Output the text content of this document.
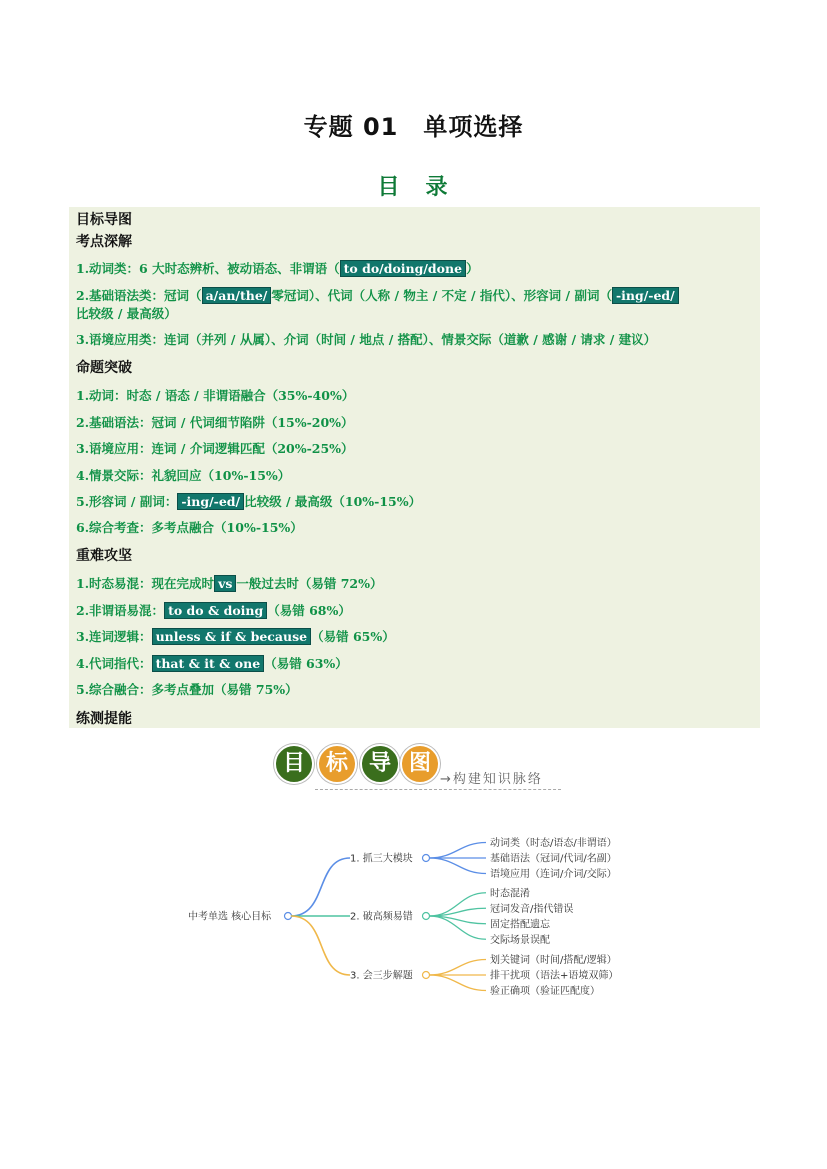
专题 01　单项选择
目　录
目标导图
考点深解
1.动词类：6 大时态辨析、被动语态、非谓语（ to do/doing/done ）
2.基础语法类：冠词（ a/an/the/ 零冠词）、代词（人称 / 物主 / 不定 / 指代）、形容词 / 副词（ -ing/-ed/
比较级 / 最高级）
3.语境应用类：连词（并列 / 从属）、介词（时间 / 地点 / 搭配）、情景交际（道歉 / 感谢 / 请求 / 建议）
命题突破
1.动词：时态 / 语态 / 非谓语融合（35%-40%）
2.基础语法：冠词 / 代词细节陷阱（15%-20%）
3.语境应用：连词 / 介词逻辑匹配（20%-25%）
4.情景交际：礼貌回应（10%-15%）
5.形容词 / 副词： -ing/-ed/ 比较级 / 最高级（10%-15%）
6.综合考查：多考点融合（10%-15%）
重难攻坚
1.时态易混：现在完成时 vs 一般过去时（易错 72%）
2.非谓语易混： to do & doing （易错 68%）
3.连词逻辑： unless & if & because （易错 65%）
4.代词指代： that & it & one （易错 63%）
5.综合融合：多考点叠加（易错 75%）
练测提能
目 标 导 图
→构建知识脉络
中考单选 核心目标
1. 抓三大模块
动词类（时态/语态/非谓语）
基础语法（冠词/代词/名副）
语境应用（连词/介词/交际）
2. 破高频易错
时态混淆
冠词发音/指代错误
固定搭配遗忘
交际场景误配
3. 会三步解题
划关键词（时间/搭配/逻辑）
排干扰项（语法+语境双筛）
验正确项（验证匹配度）
